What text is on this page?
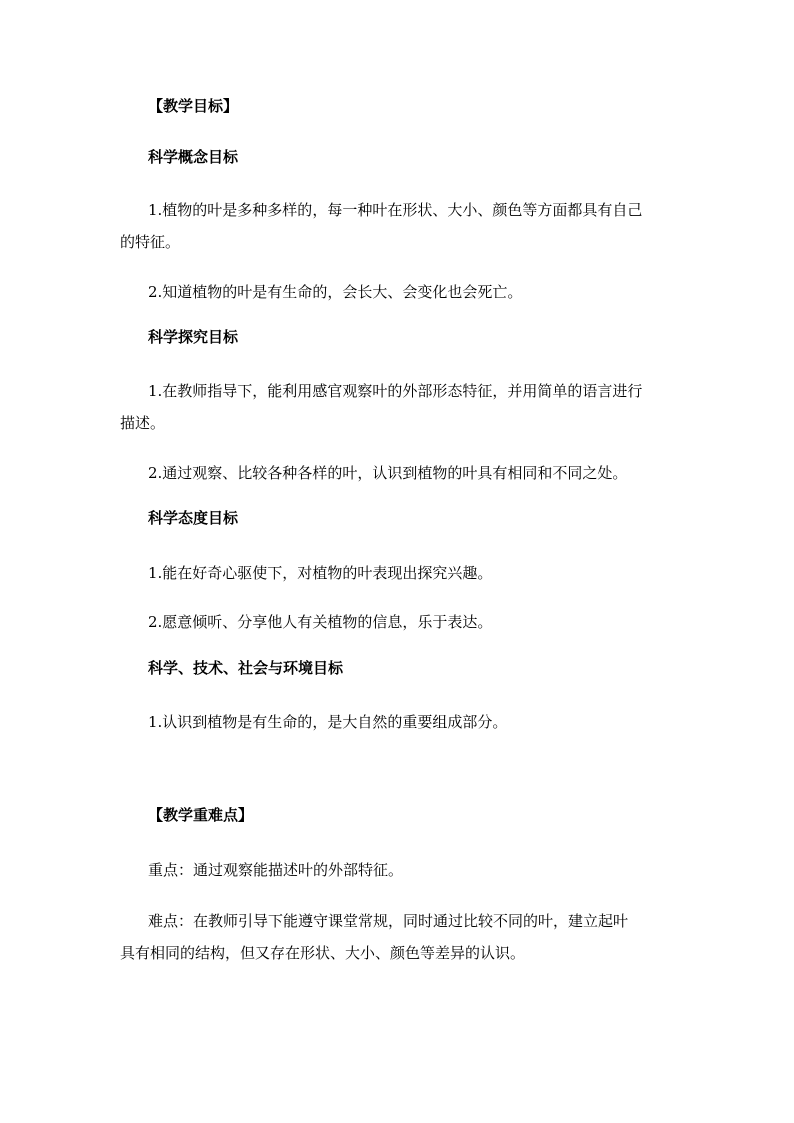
【教学目标】
科学概念目标
1.植物的叶是多种多样的，每一种叶在形状、大小、颜色等方面都具有自己
的特征。
2.知道植物的叶是有生命的，会长大、会变化也会死亡。
科学探究目标
1.在教师指导下，能利用感官观察叶的外部形态特征，并用简单的语言进行
描述。
2.通过观察、比较各种各样的叶，认识到植物的叶具有相同和不同之处。
科学态度目标
1.能在好奇心驱使下，对植物的叶表现出探究兴趣。
2.愿意倾听、分享他人有关植物的信息，乐于表达。
科学、技术、社会与环境目标
1.认识到植物是有生命的，是大自然的重要组成部分。
【教学重难点】
重点：通过观察能描述叶的外部特征。
难点：在教师引导下能遵守课堂常规，同时通过比较不同的叶，建立起叶
具有相同的结构，但又存在形状、大小、颜色等差异的认识。
